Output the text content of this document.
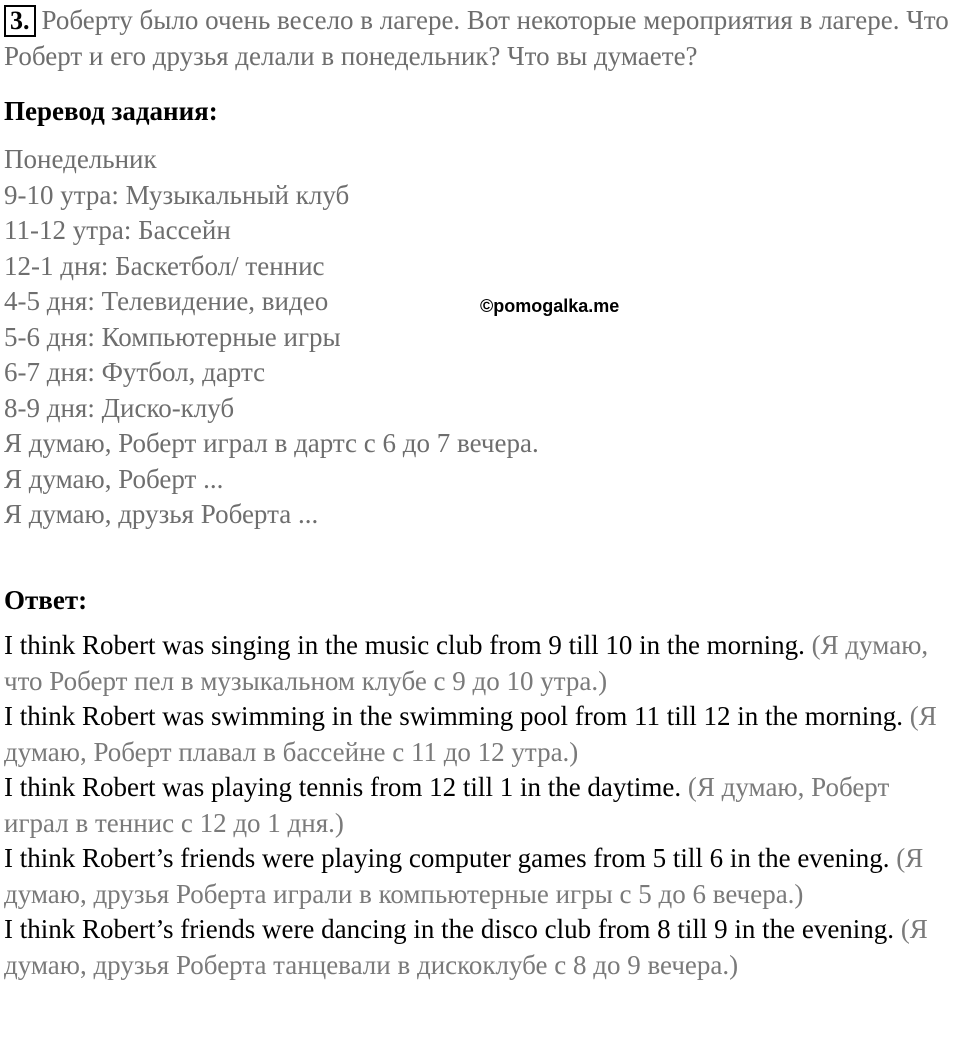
3. Роберту было очень весело в лагере. Вот некоторые мероприятия в лагере. Что Роберт и его друзья делали в понедельник? Что вы думаете?
Перевод задания:
Понедельник
9-10 утра: Музыкальный клуб
11-12 утра: Бассейн
12-1 дня: Баскетбол/ теннис
4-5 дня: Телевидение, видео
5-6 дня: Компьютерные игры
6-7 дня: Футбол, дартс
8-9 дня: Диско-клуб
Я думаю, Роберт играл в дартс с 6 до 7 вечера.
Я думаю, Роберт ...
Я думаю, друзья Роберта ...
©pomogalka.me
Ответ:

I think Robert was singing in the music club from 9 till 10 in the morning. (Я думаю, что Роберт пел в музыкальном клубе с 9 до 10 утра.)

I think Robert was swimming in the swimming pool from 11 till 12 in the morning. (Я думаю, Роберт плавал в бассейне с 11 до 12 утра.)

I think Robert was playing tennis from 12 till 1 in the daytime. (Я думаю, Роберт играл в теннис с 12 до 1 дня.)

I think Robert’s friends were playing computer games from 5 till 6 in the evening. (Я думаю, друзья Роберта играли в компьютерные игры с 5 до 6 вечера.)

I think Robert’s friends were dancing in the disco club from 8 till 9 in the evening. (Я думаю, друзья Роберта танцевали в дискоклубе с 8 до 9 вечера.)
